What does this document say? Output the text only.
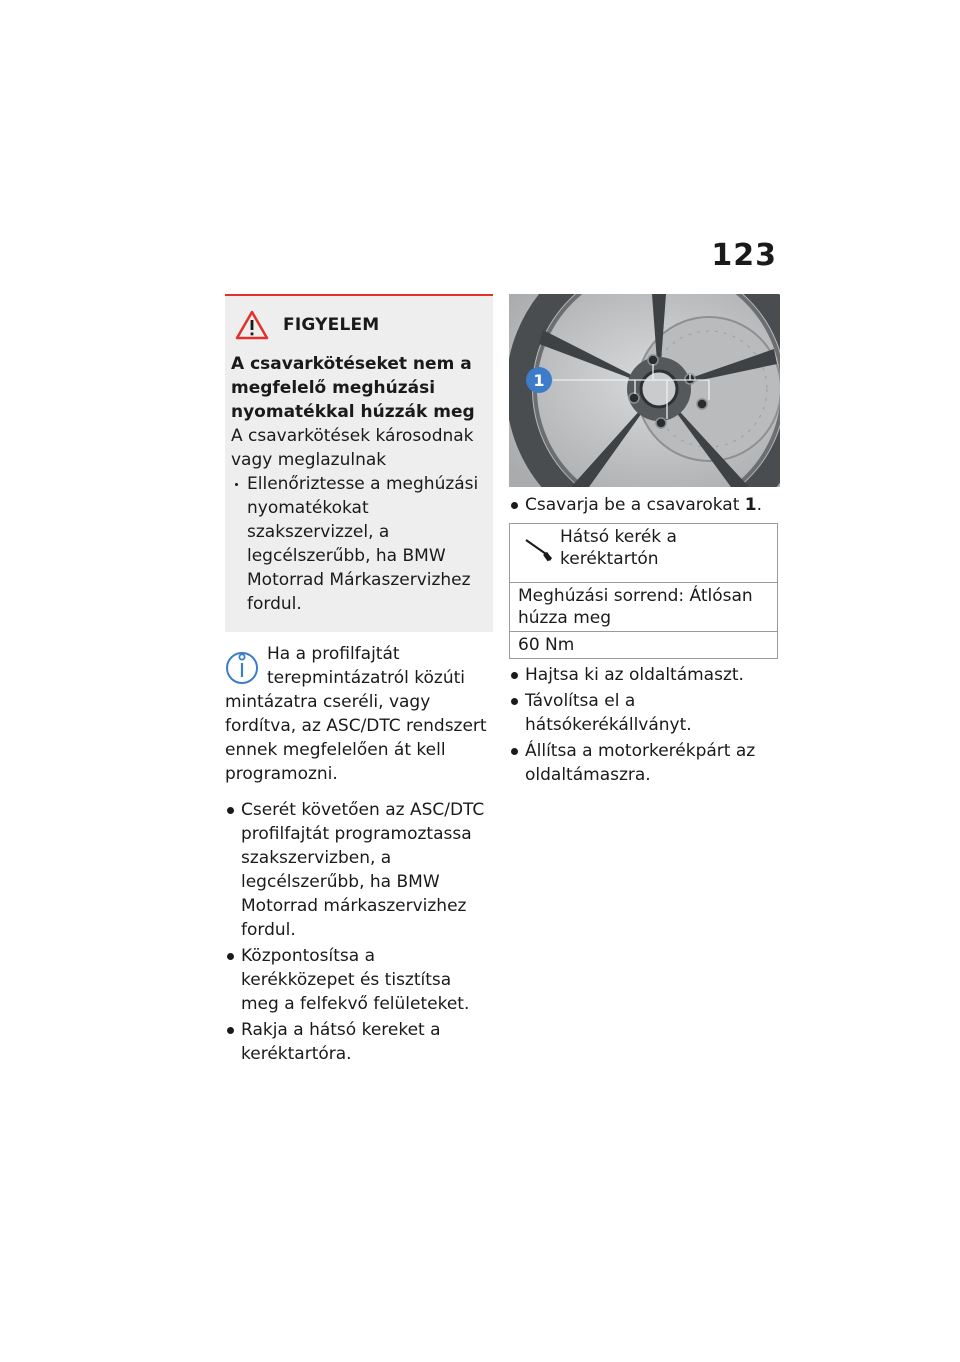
123
FIGYELEM
A csavarkötéseket nem a megfelelő meghúzási nyomatékkal húzzák meg
A csavarkötések károsodnak vagy meglazulnak
Ellenőriztesse a meghúzási nyomatékokat szakszervizzel, a legcélszerűbb, ha BMW Motorrad Márkaszervizhez fordul.
Ha a profilfajtát terepmintázatról közúti mintázatra cseréli, vagy fordítva, az ASC/DTC rendszert ennek megfelelően át kell programozni.
Cserét követően az ASC/DTC profilfajtát programoztassa szakszervizben, a legcélszerűbb, ha BMW Motorrad márkaszervizhez fordul.
Központosítsa a kerékközepet és tisztítsa meg a felfekvő felületeket.
Rakja a hátsó kereket a keréktartóra.
1
Csavarja be a csavarokat 1.
Hátsó kerék a keréktartón
Meghúzási sorrend: Átlósan húzza meg
60 Nm
Hajtsa ki az oldaltámaszt.
Távolítsa el a hátsókerékállványt.
Állítsa a motorkerékpárt az oldaltámaszra.
